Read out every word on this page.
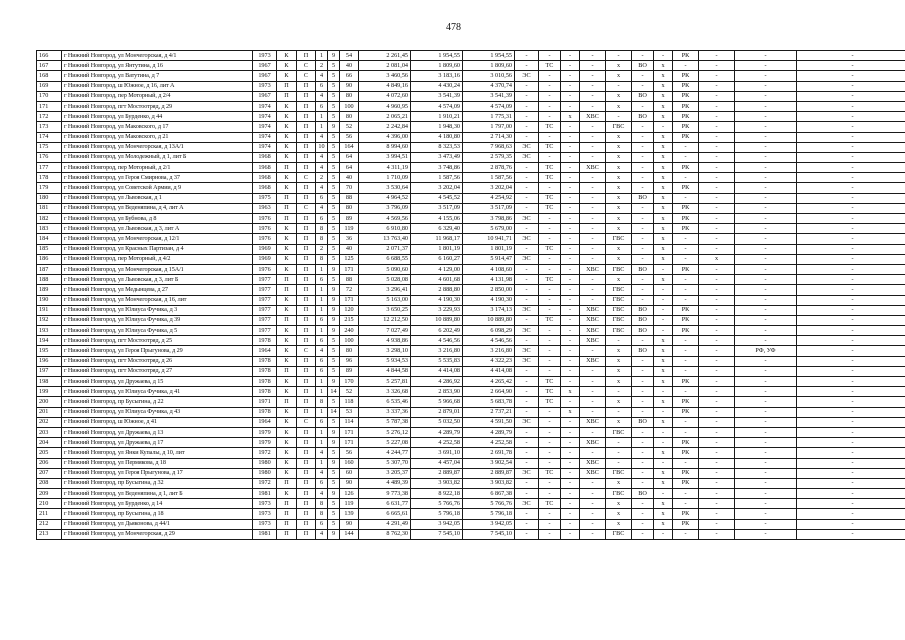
478
166	г Нижний Новгород, ул Мончегорская, д 4/1	1973	К	П	1	9	54	2 261,45	1 954,55	1 954,55	-	-	-	-	-	-	-	РК	-	-	-
167	г Нижний Новгород, ул Янтутина, д 16	1967	К	С	2	5	40	2 081,04	1 809,60	1 809,60	-	ТС	-	-	х	ВО	х	-	-	-	-
168	г Нижний Новгород, ул Ватутина, д 7	1967	К	С	4	5	66	3 460,56	3 183,16	3 010,56	ЭС	-	-	-	х	-	х	РК	-	-	-
169	г Нижний Новгород, ш Южное, д 16, лит А	1973	П	П	6	5	90	4 849,16	4 430,24	4 370,74	-	-	-	-	-	-	х	РК	-	-	-
170	г Нижний Новгород, пер Моторный, д 2/4	1967	П	П	4	5	80	4 072,60	3 541,39	3 541,39	-	-	-	-	х	ВО	х	РК	-	-	-
171	г Нижний Новгород, пгт Мостоотряд, д 29	1974	К	П	6	5	100	4 960,95	4 574,09	4 574,09	-	-	-	-	х	-	х	РК	-	-	-
172	г Нижний Новгород, ул Бурденко, д 44	1974	К	П	1	5	80	2 065,21	1 910,21	1 775,31	-	-	х	ХВС	-	ВО	х	РК	-	-	-
173	г Нижний Новгород, ул Маковского, д 17	1974	К	П	1	9	52	2 242,84	1 948,30	1 797,00	-	ТС	-	-	ГВС	-	-	РК	-	-	-
174	г Нижний Новгород, ул Маковского, д 21	1974	К	П	4	5	56	4 396,00	4 180,80	2 714,30	-	-	-	-	х	-	х	РК	-	-	-
175	г Нижний Новгород, ул Мончегорская, д 13А/1	1974	К	П	10	5	164	8 994,60	8 323,53	7 968,63	ЭС	ТС	-	-	х	-	х	-	-	-	-
176	г Нижний Новгород, ул Молодежный, д 1, лит Б	1968	К	П	4	5	64	3 994,51	3 473,49	2 579,35	ЭС	-	-	-	х	-	х	-	-	-	-
177	г Нижний Новгород, пер Моторный, д 2/1	1968	П	П	4	5	64	4 311,19	3 748,86	2 878,76	-	ТС	-	ХВС	х	-	х	РК	-	-	-
178	г Нижний Новгород, ул Героя Смирнова, д 37	1968	К	С	2	5	40	1 710,09	1 587,56	1 587,56	-	ТС	-	-	х	-	х	-	-	-	-
179	г Нижний Новгород, ул Советской Армии, д 9	1968	К	П	4	5	70	3 530,64	3 202,04	3 202,04	-	-	-	-	х	-	х	РК	-	-	-
180	г Нижний Новгород, ул Львовская, д 1	1975	П	П	6	5	88	4 964,52	4 545,52	4 254,92	-	ТС	-	-	х	ВО	х	-	-	-	-
181	г Нижний Новгород, ул Веденяпина, д 4, лит А	1963	П	С	4	5	80	3 796,09	3 517,09	3 517,09	-	ТС	-	-	х	-	х	РК	-	-	-
182	г Нижний Новгород, ул Бубнова, д 8	1976	П	П	6	5	89	4 569,56	4 155,06	3 798,86	ЭС	-	-	-	х	-	х	РК	-	-	-
183	г Нижний Новгород, ул Львовская, д 3, лит А	1976	К	П	8	5	119	6 910,80	6 329,40	5 679,00	-	-	-	-	х	-	х	РК	-	-	-
184	г Нижний Новгород, ул Мончегорская, д 12/1	1976	К	П	8	5	36	13 763,40	11 968,17	10 941,71	ЭС	-	-	-	ГВС	-	х	-	-	-	-
185	г Нижний Новгород, ул Красных Партизан, д 4	1969	К	П	2	5	40	2 071,37	1 801,19	1 801,19	-	ТС	-	-	х	-	х	-	-	-	-
186	г Нижний Новгород, пер Моторный, д 4/2	1969	К	П	8	5	125	6 688,55	6 160,27	5 914,47	ЭС	-	-	-	х	-	х	-	х	-	-
187	г Нижний Новгород, ул Мончегорская, д 15А/1	1976	К	П	1	9	171	5 090,60	4 129,00	4 108,60	-	-	-	ХВС	ГВС	ВО	-	РК	-	-	-
188	г Нижний Новгород, ул Львовская, д 3, лит Б	1977	П	П	6	5	88	5 028,08	4 601,68	4 131,98	-	ТС	-	-	х	-	х	-	-	-	-
189	г Нижний Новгород, ул Медынцева, д 27	1977	П	П	1	9	72	3 296,41	2 888,80	2 850,00	-	-	-	-	ГВС	-	-	-	-	-	-
190	г Нижний Новгород, ул Мончегорская, д 16, лит	1977	К	П	1	9	171	5 163,00	4 190,30	4 190,30	-	-	-	-	ГВС	-	-	-	-	-	-
191	г Нижний Новгород, ул Юлиуса Фучика, д 3	1977	К	П	1	9	120	3 650,25	3 229,93	3 174,13	ЭС	-	-	ХВС	ГВС	ВО	-	РК	-	-	-
192	г Нижний Новгород, ул Юлиуса Фучика, д 39	1977	П	П	6	9	215	12 212,50	10 889,80	10 889,80	-	ТС	-	ХВС	ГВС	ВО	-	РК	-	-	-
193	г Нижний Новгород, ул Юлиуса Фучика, д 5	1977	К	П	1	9	240	7 027,49	6 202,49	6 098,29	ЭС	-	-	ХВС	ГВС	ВО	-	РК	-	-	-
194	г Нижний Новгород, пгт Мостоотряд, д 25	1978	К	П	6	5	100	4 938,86	4 546,56	4 546,56	-	-	-	ХВС	-	-	х	-	-	-	-
195	г Нижний Новгород, ул Героя Прыгунова, д 29	1964	К	С	4	5	80	3 298,10	3 216,80	3 216,80	ЭС	-	-	-	х	ВО	х	-	-	РФ, УФ	-
196	г Нижний Новгород, пгт Мостоотряд, д 26	1978	К	П	6	5	96	5 934,53	5 535,83	4 322,23	ЭС	-	-	ХВС	х	-	х	-	-	-	-
197	г Нижний Новгород, пгт Мостоотряд, д 27	1978	П	П	6	5	89	4 844,58	4 414,08	4 414,08	-	-	-	-	х	-	х	-	-	-	-
198	г Нижний Новгород, ул Дружаева, д 15	1978	К	П	1	9	170	5 257,81	4 286,92	4 265,42	-	ТС	-	-	х	-	х	РК	-	-	-
199	г Нижний Новгород, ул Юлиуса Фучика, д 41	1978	К	П	1	14	52	3 326,68	2 853,90	2 664,90	-	ТС	х	-	-	-	-	-	-	-	-
200	г Нижний Новгород, пр Бусыгина, д 22	1971	П	П	8	5	118	6 535,46	5 966,68	5 683,78	-	ТС	-	-	х	-	х	РК	-	-	-
201	г Нижний Новгород, ул Юлиуса Фучика, д 43	1978	К	П	1	14	53	3 337,36	2 879,01	2 737,21	-	-	х	-	-	-	-	РК	-	-	-
202	г Нижний Новгород, ш Южное, д 41	1964	К	С	6	5	114	5 787,38	5 032,50	4 591,50	ЭС	-	-	ХВС	х	ВО	х	-	-	-	-
203	г Нижний Новгород, ул Дружаева, д 13	1979	К	П	1	9	171	5 276,12	4 289,79	4 289,79	-	-	-	-	ГВС	-	-	-	-	-	-
204	г Нижний Новгород, ул Дружаева, д 17	1979	К	П	1	9	171	5 227,08	4 252,58	4 252,58	-	-	-	ХВС	-	-	-	РК	-	-	-
205	г Нижний Новгород, ул Янки Купалы, д 10, лит	1972	К	П	4	5	56	4 244,77	3 691,10	2 691,78	-	-	-	-	-	-	х	РК	-	-	-
206	г Нижний Новгород, ул Пермякова, д 18	1980	К	П	1	9	160	5 307,70	4 457,04	3 902,54	-	-	-	ХВС	-	-	-	-	-	-	-
207	г Нижний Новгород, ул Героя Прыгунова, д 17	1980	К	П	4	5	60	3 205,37	2 889,87	2 889,87	ЭС	ТС	-	ХВС	ГВС	-	х	РК	-	-	-
208	г Нижний Новгород, пр Бусыгина, д 32	1972	П	П	6	5	90	4 489,39	3 903,82	3 903,82	-	-	-	-	х	-	х	РК	-	-	-
209	г Нижний Новгород, ул Веденяпина, д 1, лит Б	1981	К	П	4	9	126	9 773,38	8 922,18	6 867,38	-	-	-	-	ГВС	ВО	-	-	-	-	-
210	г Нижний Новгород, ул Бурденко, д 14	1973	П	П	8	5	119	6 631,77	5 766,76	5 766,76	ЭС	ТС	-	-	х	-	х	-	-	-	-
211	г Нижний Новгород, пр Бусыгина, д 18	1973	П	П	8	5	139	6 665,61	5 796,18	5 796,18	-	-	-	-	х	-	х	РК	-	-	-
212	г Нижний Новгород, ул Дьяконова, д 44/1	1973	П	П	6	5	90	4 291,49	3 942,05	3 942,05	-	-	-	-	х	-	х	РК	-	-	-
213	г Нижний Новгород, ул Мончегорская, д 29	1981	П	П	4	9	144	8 762,30	7 545,10	7 545,10	-	-	-	-	ГВС	-	-	-	-	-	-
